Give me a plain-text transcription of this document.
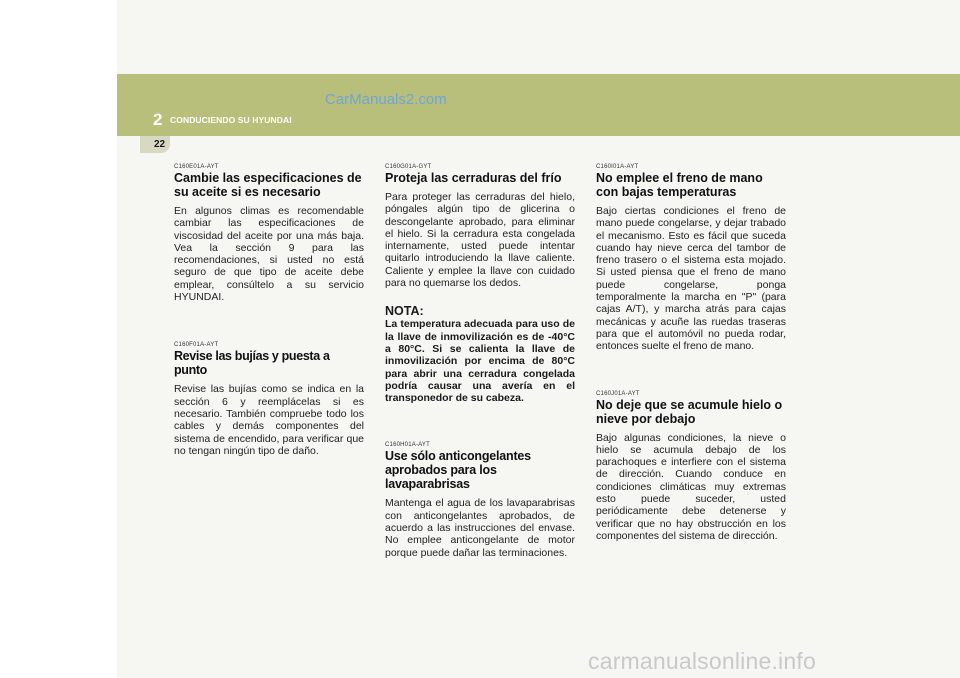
CarManuals2.com
2 CONDUCIENDO SU HYUNDAI
22
C160E01A-AYT
Cambie las especificaciones de su aceite si es necesario

En algunos climas es recomendable cambiar las especificaciones de viscosidad del aceite por una más baja. Vea la sección 9 para las recomendaciones, si usted no está seguro de que tipo de aceite debe emplear, consúltelo a su servicio HYUNDAI.

C160F01A-AYT
Revise las bujías y puesta a punto

Revise las bujías como se indica en la sección 6 y reemplácelas si es necesario. También compruebe todo los cables y demás componentes del sistema de encendido, para verificar que no tengan ningún tipo de daño.

C160G01A-GYT
Proteja las cerraduras del frío

Para proteger las cerraduras del hielo, póngales algún tipo de glicerina o descongelante aprobado, para eliminar el hielo. Si la cerradura esta congelada internamente, usted puede intentar quitarlo introduciendo la llave caliente. Caliente y emplee la llave con cuidado para no quemarse los dedos.

NOTA:

La temperatura adecuada para uso de la llave de inmovilización es de -40°C a 80°C. Si se calienta la llave de inmovilización por encima de 80°C para abrir una cerradura congelada podría causar una avería en el transponedor de su cabeza.

C160H01A-AYT
Use sólo anticongelantes aprobados para los lavaparabrisas

Mantenga el agua de los lavaparabrisas con anticongelantes aprobados, de acuerdo a las instrucciones del envase. No emplee anticongelante de motor porque puede dañar las terminaciones.

C160I01A-AYT
No emplee el freno de mano con bajas temperaturas

Bajo ciertas condiciones el freno de mano puede congelarse, y dejar trabado el mecanismo. Esto es fácil que suceda cuando hay nieve cerca del tambor de freno trasero o el sistema esta mojado. Si usted piensa que el freno de mano puede congelarse, ponga temporalmente la marcha en "P" (para cajas A/T), y marcha atrás para cajas mecánicas y acuñe las ruedas traseras para que el automóvil no pueda rodar, entonces suelte el freno de mano.

C160J01A-AYT
No deje que se acumule hielo o nieve por debajo

Bajo algunas condiciones, la nieve o hielo se acumula debajo de los parachoques e interfiere con el sistema de dirección. Cuando conduce en condiciones climáticas muy extremas esto puede suceder, usted periódicamente debe detenerse y verificar que no hay obstrucción en los componentes del sistema de dirección.

carmanualsonline.info
